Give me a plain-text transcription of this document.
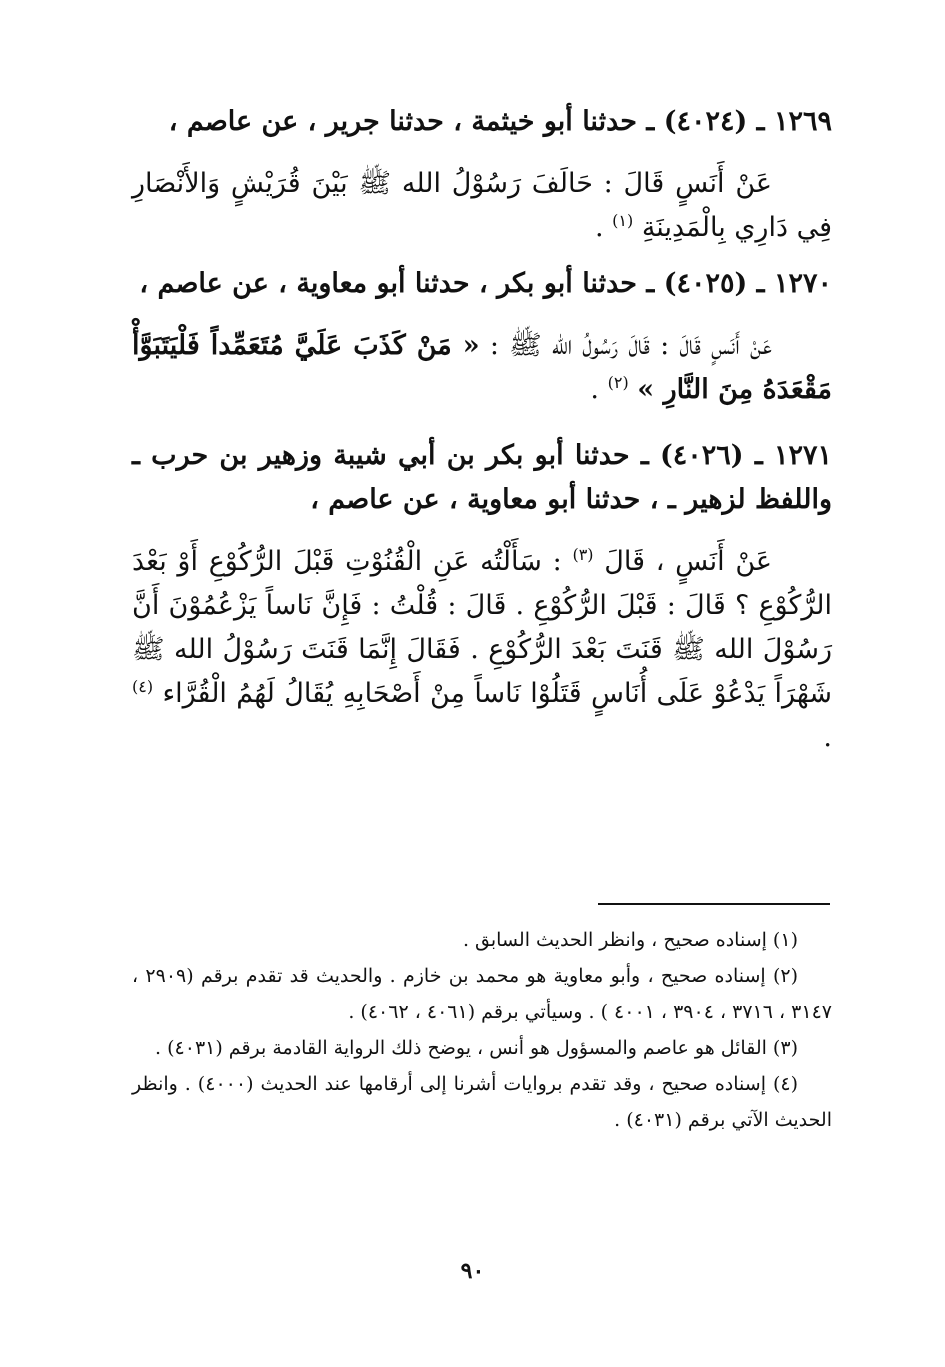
١٢٦٩ ـ (٤٠٢٤) ـ حدثنا أبو خيثمة ، حدثنا جرير ، عن عاصم ،

عَنْ أَنَسٍ قَالَ : حَالَفَ رَسُوْلُ الله ﷺ بَيْنَ قُرَيْشٍ وَالأَنْصَارِ فِي دَارِي بِالْمَدِينَةِ $^{(١)}$ .

١٢٧٠ ـ (٤٠٢٥) ـ حدثنا أبو بكر ، حدثنا أبو معاوية ، عن عاصم ،

عَنْ أَنَسٍ قَالَ : قَالَ رَسُولُ الله ﷺ : « مَنْ كَذَبَ عَلَيَّ مُتَعَمِّداً فَلْيَتَبَوَّأْ مَقْعَدَهُ مِنَ النَّارِ » $^{(٢)}$ .

١٢٧١ ـ (٤٠٢٦) ـ حدثنا أبو بكر بن أبي شيبة وزهير بن حرب ـ واللفظ لزهير ـ ، حدثنا أبو معاوية ، عن عاصم ،

عَنْ أَنَسٍ ، قَالَ $^{(٣)}$ : سَأَلْتُه عَنِ الْقُنُوْتِ قَبْلَ الرُّكُوْعِ أَوْ بَعْدَ الرُّكُوْعِ ؟ قَالَ : قَبْلَ الرُّكُوْعِ . قَالَ : قُلْتُ : فَإِنَّ نَاساً يَزْعُمُوْنَ أَنَّ رَسُوْلَ الله ﷺ قَنَتَ بَعْدَ الرُّكُوْعِ . فَقَالَ إِنَّمَا قَنَتَ رَسُوْلُ الله ﷺ شَهْرَاً يَدْعُوْ عَلَى أُنَاسٍ قَتَلُوْا نَاساً مِنْ أَصْحَابِهِ يُقَالُ لَهُمُ الْقُرَّاء $^{(٤)}$ .

(١) إسناده صحيح ، وانظر الحديث السابق .

(٢) إسناده صحيح ، وأبو معاوية هو محمد بن خازم . والحديث قد تقدم برقم (٢٩٠٩ ، ٣١٤٧ ، ٣٧١٦ ، ٣٩٠٤ ، ٤٠٠١ ) . وسيأتي برقم (٤٠٦١ ، ٤٠٦٢) .

(٣) القائل هو عاصم والمسؤول هو أنس ، يوضح ذلك الرواية القادمة برقم (٤٠٣١) .

(٤) إسناده صحيح ، وقد تقدم بروايات أشرنا إلى أرقامها عند الحديث (٤٠٠٠) . وانظر الحديث الآتي برقم (٤٠٣١) .

٩٠
